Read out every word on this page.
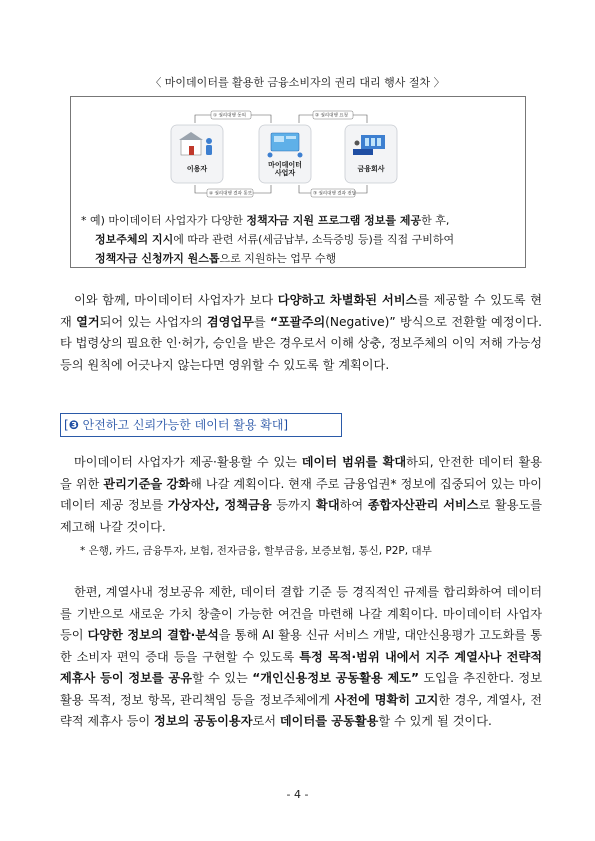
〈 마이데이터를 활용한 금융소비자의 권리 대리 행사 절차 〉
① 권리대행 동의	② 권리대행 요청
③ 권리대행 결과 전달
④ 권리대행 결과 통보
이용자	마이데이터
사업자	금융회사
* 예) 마이데이터 사업자가 다양한 정책자금 지원 프로그램 정보를 제공한 후,
정보주체의 지시에 따라 관련 서류(세금납부, 소득증빙 등)를 직접 구비하여
정책자금 신청까지 원스톱으로 지원하는 업무 수행
이와 함께, 마이데이터 사업자가 보다 다양하고 차별화된 서비스를 제공할 수 있도록 현재 열거되어 있는 사업자의 겸영업무를 “포괄주의(Negative)” 방식으로 전환할 예정이다. 타 법령상의 필요한 인·허가, 승인을 받은 경우로서 이해 상충, 정보주체의 이익 저해 가능성 등의 원칙에 어긋나지 않는다면 영위할 수 있도록 할 계획이다.
[❸ 안전하고 신뢰가능한 데이터 활용 확대]
마이데이터 사업자가 제공·활용할 수 있는 데이터 범위를 확대하되, 안전한 데이터 활용을 위한 관리기준을 강화해 나갈 계획이다. 현재 주로 금융업권* 정보에 집중되어 있는 마이데이터 제공 정보를 가상자산, 정책금융 등까지 확대하여 종합자산관리 서비스로 활용도를 제고해 나갈 것이다.
* 은행, 카드, 금융투자, 보험, 전자금융, 할부금융, 보증보험, 통신, P2P, 대부
한편, 계열사내 정보공유 제한, 데이터 결합 기준 등 경직적인 규제를 합리화하여 데이터를 기반으로 새로운 가치 창출이 가능한 여건을 마련해 나갈 계획이다. 마이데이터 사업자 등이 다양한 정보의 결합·분석을 통해 AI 활용 신규 서비스 개발, 대안신용평가 고도화를 통한 소비자 편익 증대 등을 구현할 수 있도록 특정 목적·범위 내에서 지주 계열사나 전략적 제휴사 등이 정보를 공유할 수 있는 “개인신용정보 공동활용 제도” 도입을 추진한다. 정보 활용 목적, 정보 항목, 관리책임 등을 정보주체에게 사전에 명확히 고지한 경우, 계열사, 전략적 제휴사 등이 정보의 공동이용자로서 데이터를 공동활용할 수 있게 될 것이다.
- 4 -
